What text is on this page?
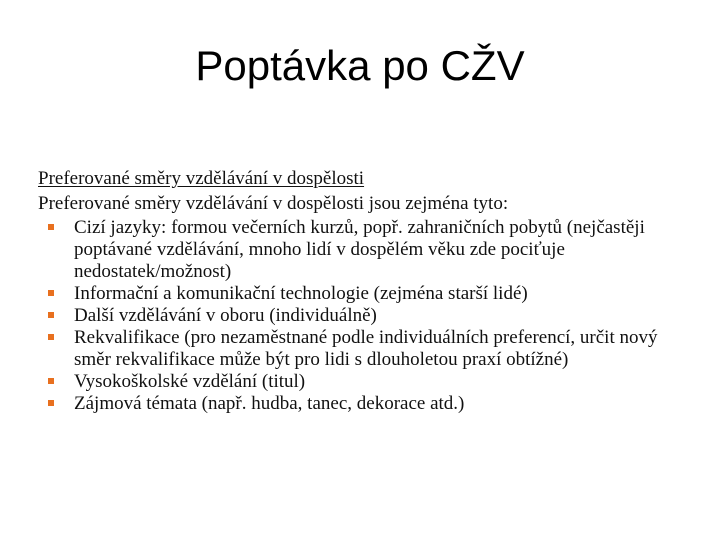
Poptávka po CŽV
Preferované směry vzdělávání v dospělosti
Preferované směry vzdělávání v dospělosti jsou zejména tyto:
Cizí jazyky: formou večerních kurzů, popř. zahraničních pobytů (nejčastěji poptávané vzdělávání, mnoho lidí v dospělém věku zde pociťuje nedostatek/možnost)
Informační a komunikační technologie (zejména starší lidé)
Další vzdělávání v oboru (individuálně)
Rekvalifikace (pro nezaměstnané podle individuálních preferencí, určit nový směr rekvalifikace může být pro lidi s dlouholetou praxí obtížné)
Vysokoškolské vzdělání (titul)
Zájmová témata (např. hudba, tanec, dekorace atd.)
